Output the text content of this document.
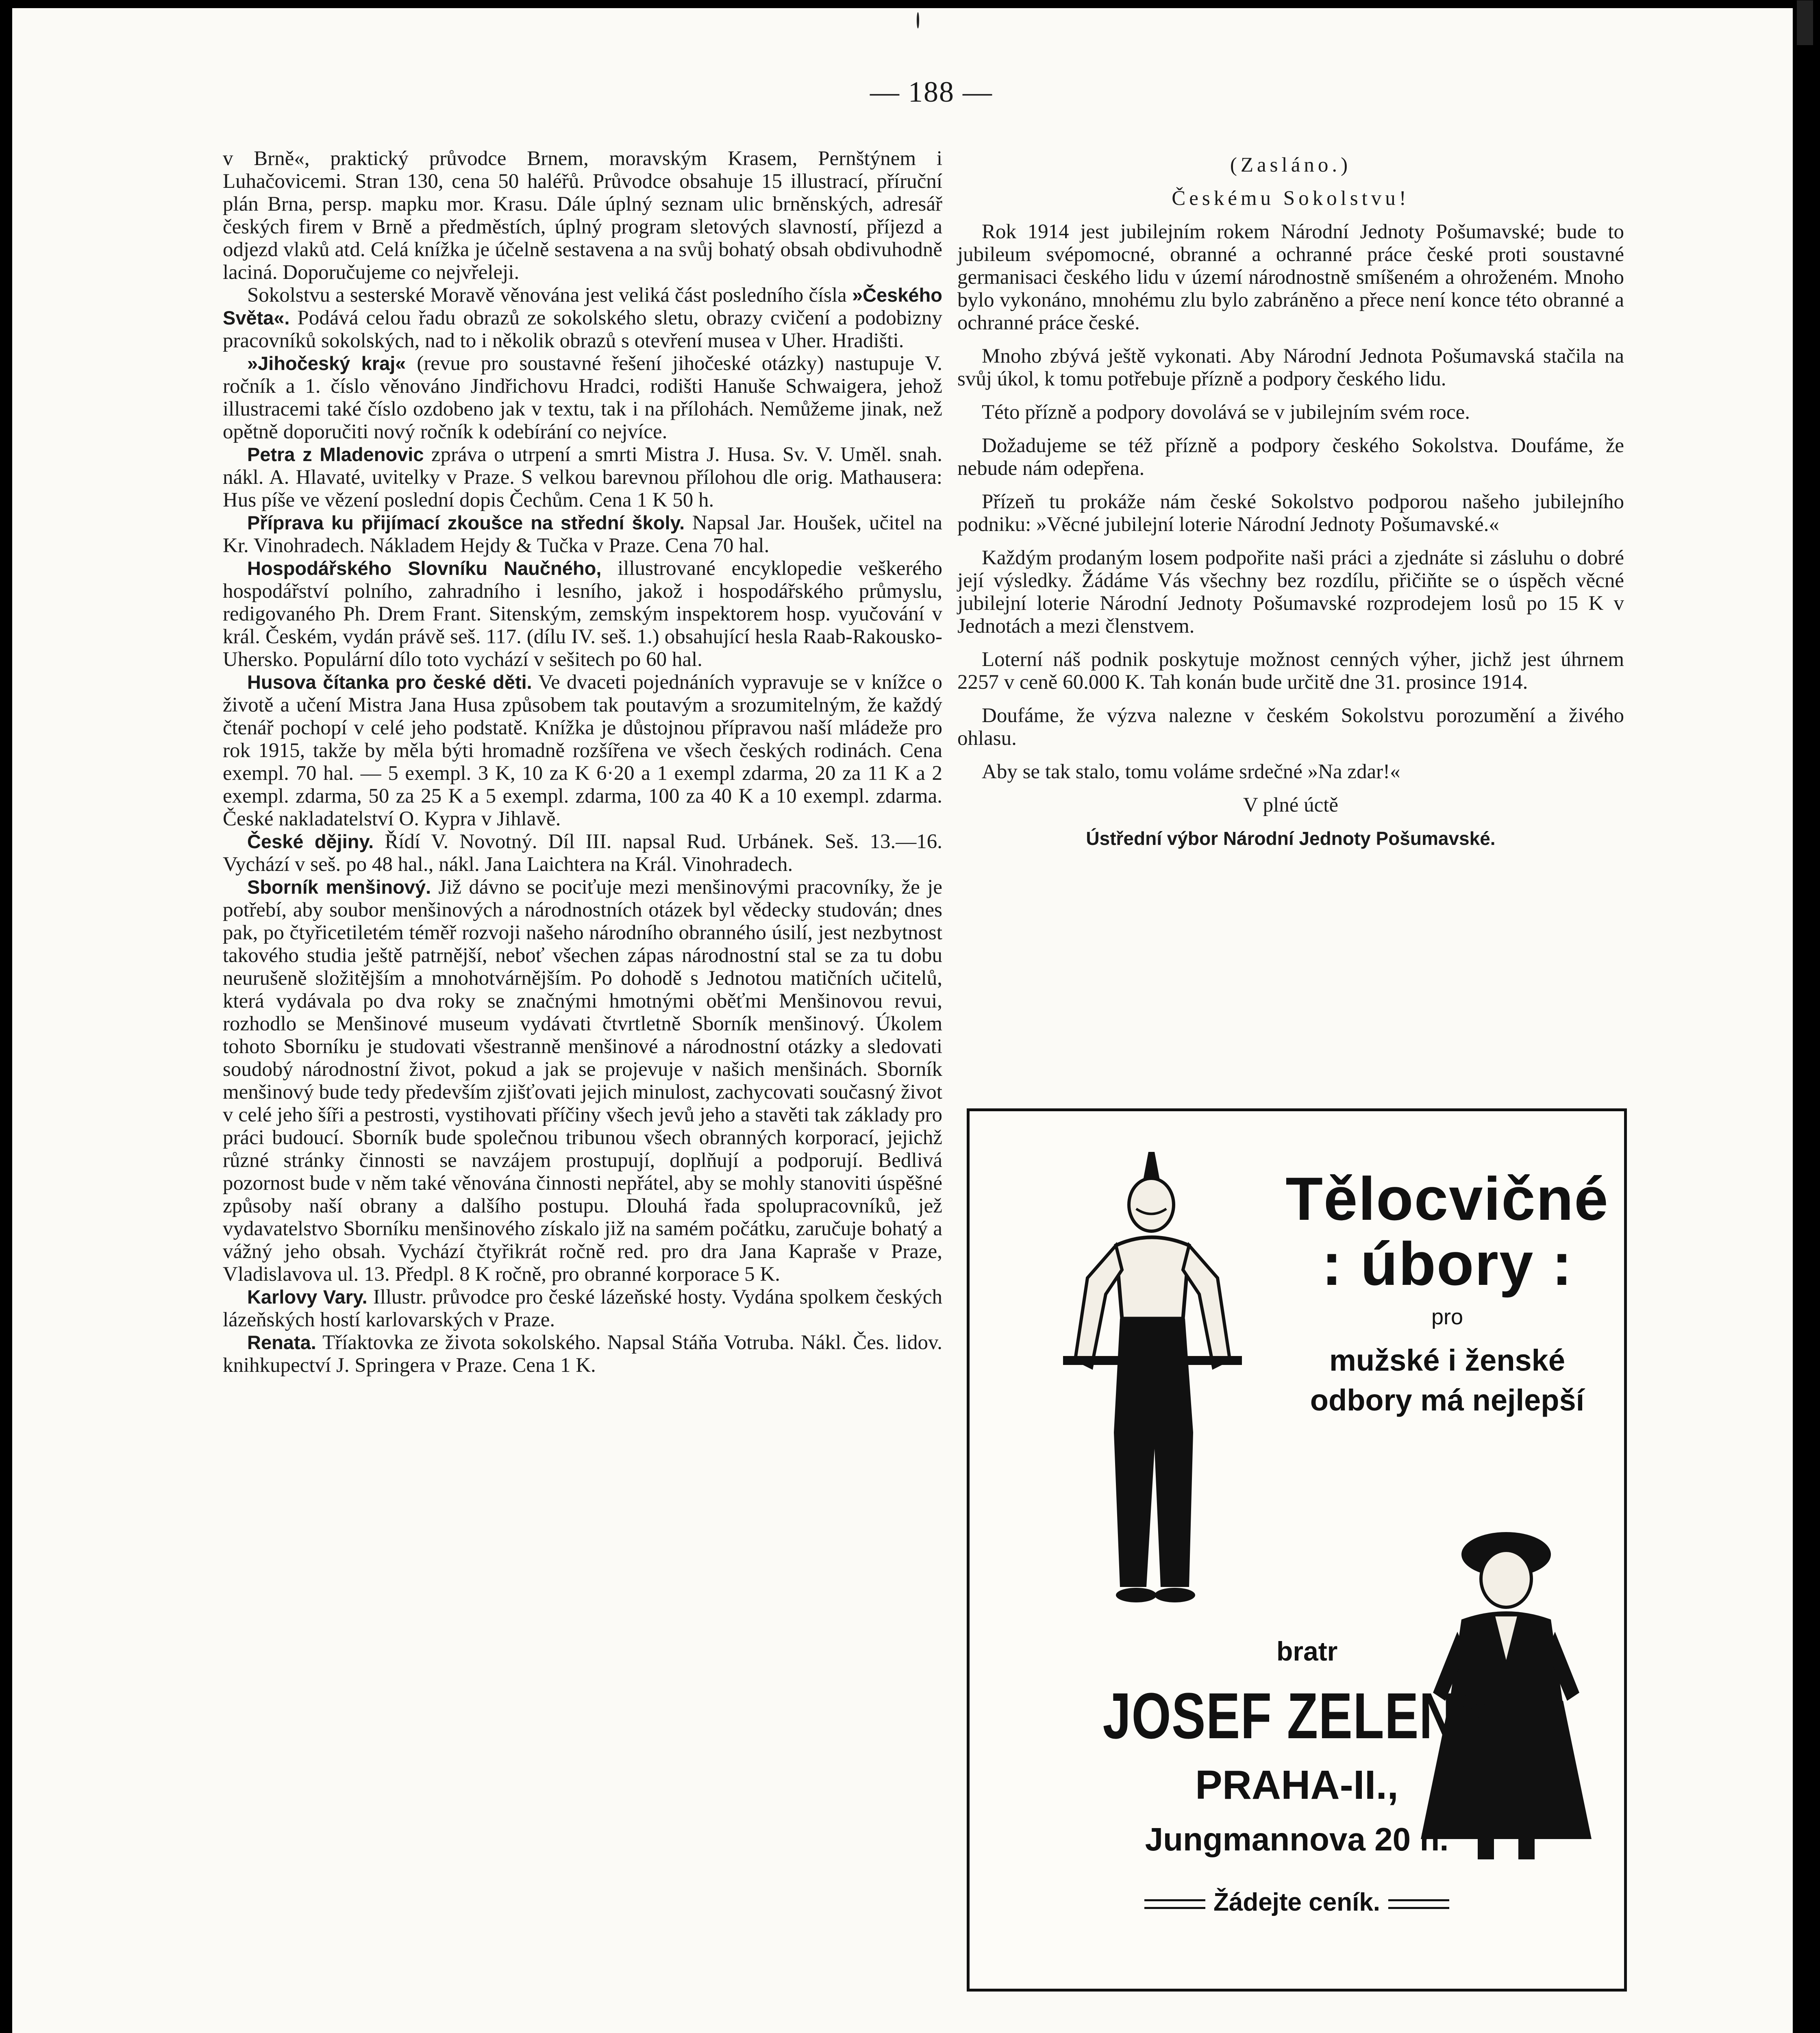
— 188 —

v Brně«, praktický průvodce Brnem, moravským Krasem, Pernštýnem i Luhačovicemi. Stran 130, cena 50 haléřů. Průvodce obsahuje 15 illustrací, příruční plán Brna, persp. mapku mor. Krasu. Dále úplný seznam ulic brněnských, adresář českých firem v Brně a předměstích, úplný program sletových slavností, příjezd a odjezd vlaků atd. Celá knížka je účelně sestavena a na svůj bohatý obsah obdivuhodně laciná. Doporučujeme co nejvřeleji.

Sokolstvu a sesterské Moravě věnována jest veliká část posledního čísla »Českého Světa«. Podává celou řadu obrazů ze sokolského sletu, obrazy cvičení a podobizny pracovníků sokolských, nad to i několik obrazů s otevření musea v Uher. Hradišti.

»Jihočeský kraj« (revue pro soustavné řešení jihočeské otázky) nastupuje V. ročník a 1. číslo věnováno Jindřichovu Hradci, rodišti Hanuše Schwaigera, jehož illustracemi také číslo ozdobeno jak v textu, tak i na přílohách. Nemůžeme jinak, než opětně doporučiti nový ročník k odebírání co nejvíce.

Petra z Mladenovic zpráva o utrpení a smrti Mistra J. Husa. Sv. V. Uměl. snah. nákl. A. Hlavaté, uvitelky v Praze. S velkou barevnou přílohou dle orig. Mathausera: Hus píše ve vězení poslední dopis Čechům. Cena 1 K 50 h.

Příprava ku přijímací zkoušce na střední školy. Napsal Jar. Houšek, učitel na Kr. Vinohradech. Nákladem Hejdy & Tučka v Praze. Cena 70 hal.

Hospodářského Slovníku Naučného, illustrované encyklopedie veškerého hospodářství polního, zahradního i lesního, jakož i hospodářského průmyslu, redigovaného Ph. Drem Frant. Sitenským, zemským inspektorem hosp. vyučování v král. Českém, vydán právě seš. 117. (dílu IV. seš. 1.) obsahující hesla Raab-Rakousko-Uhersko. Populární dílo toto vychází v sešitech po 60 hal.

Husova čítanka pro české děti. Ve dvaceti pojednáních vypravuje se v knížce o životě a učení Mistra Jana Husa způsobem tak poutavým a srozumitelným, že každý čtenář pochopí v celé jeho podstatě. Knížka je důstojnou přípravou naší mládeže pro rok 1915, takže by měla býti hromadně rozšířena ve všech českých rodinách. Cena exempl. 70 hal. — 5 exempl. 3 K, 10 za K 6·20 a 1 exempl zdarma, 20 za 11 K a 2 exempl. zdarma, 50 za 25 K a 5 exempl. zdarma, 100 za 40 K a 10 exempl. zdarma. České nakladatelství O. Kypra v Jihlavě.

České dějiny. Řídí V. Novotný. Díl III. napsal Rud. Urbánek. Seš. 13.—16. Vychází v seš. po 48 hal., nákl. Jana Laichtera na Král. Vinohradech.

Sborník menšinový. Již dávno se pociťuje mezi menšinovými pracovníky, že je potřebí, aby soubor menšinových a národnostních otázek byl vědecky studován; dnes pak, po čtyřicetiletém téměř rozvoji našeho národního obranného úsilí, jest nezbytnost takového studia ještě patrnější, neboť všechen zápas národnostní stal se za tu dobu neurušeně složitějším a mnohotvárnějším. Po dohodě s Jednotou matičních učitelů, která vydávala po dva roky se značnými hmotnými oběťmi Menšinovou revui, rozhodlo se Menšinové museum vydávati čtvrtletně Sborník menšinový. Úkolem tohoto Sborníku je studovati všestranně menšinové a národnostní otázky a sledovati soudobý národnostní život, pokud a jak se projevuje v našich menšinách. Sborník menšinový bude tedy především zjišťovati jejich minulost, zachycovati současný život v celé jeho šíři a pestrosti, vystihovati příčiny všech jevů jeho a stavěti tak základy pro práci budoucí. Sborník bude společnou tribunou všech obranných korporací, jejichž různé stránky činnosti se navzájem prostupují, doplňují a podporují. Bedlivá pozornost bude v něm také věnována činnosti nepřátel, aby se mohly stanoviti úspěšné způsoby naší obrany a dalšího postupu. Dlouhá řada spolupracovníků, jež vydavatelstvo Sborníku menšinového získalo již na samém počátku, zaručuje bohatý a vážný jeho obsah. Vychází čtyřikrát ročně red. pro dra Jana Kapraše v Praze, Vladislavova ul. 13. Předpl. 8 K ročně, pro obranné korporace 5 K.

Karlovy Vary. Illustr. průvodce pro české lázeňské hosty. Vydána spolkem českých lázeňských hostí karlovarských v Praze.

Renata. Tříaktovka ze života sokolského. Napsal Stáňa Votruba. Nákl. Čes. lidov. knihkupectví J. Springera v Praze. Cena 1 K.

(Zasláno.)

Českému Sokolstvu!

Rok 1914 jest jubilejním rokem Národní Jednoty Pošumavské; bude to jubileum svépomocné, obranné a ochranné práce české proti soustavné germanisaci českého lidu v území národnostně smíšeném a ohroženém. Mnoho bylo vykonáno, mnohému zlu bylo zabráněno a přece není konce této obranné a ochranné práce české.

Mnoho zbývá ještě vykonati. Aby Národní Jednota Pošumavská stačila na svůj úkol, k tomu potřebuje přízně a podpory českého lidu.

Této přízně a podpory dovolává se v jubilejním svém roce.

Dožadujeme se též přízně a podpory českého Sokolstva. Doufáme, že nebude nám odepřena.

Přízeň tu prokáže nám české Sokolstvo podporou našeho jubilejního podniku: »Věcné jubilejní loterie Národní Jednoty Pošumavské.«

Každým prodaným losem podpořite naši práci a zjednáte si zásluhu o dobré její výsledky. Žádáme Vás všechny bez rozdílu, přičiňte se o úspěch věcné jubilejní loterie Národní Jednoty Pošumavské rozprodejem losů po 15 K v Jednotách a mezi členstvem.

Loterní náš podnik poskytuje možnost cenných výher, jichž jest úhrnem 2257 v ceně 60.000 K. Tah konán bude určitě dne 31. prosince 1914.

Doufáme, že výzva nalezne v českém Sokolstvu porozumění a živého ohlasu.

Aby se tak stalo, tomu voláme srdečné »Na zdar!«

V plné úctě

Ústřední výbor Národní Jednoty Pošumavské.

Tělocvičné
: úbory :
pro
mužské i ženské
odbory má nejlepší
bratr
JOSEF ZELENÝ
PRAHA-II.,
Jungmannova 20 n.
Žádejte ceník.
